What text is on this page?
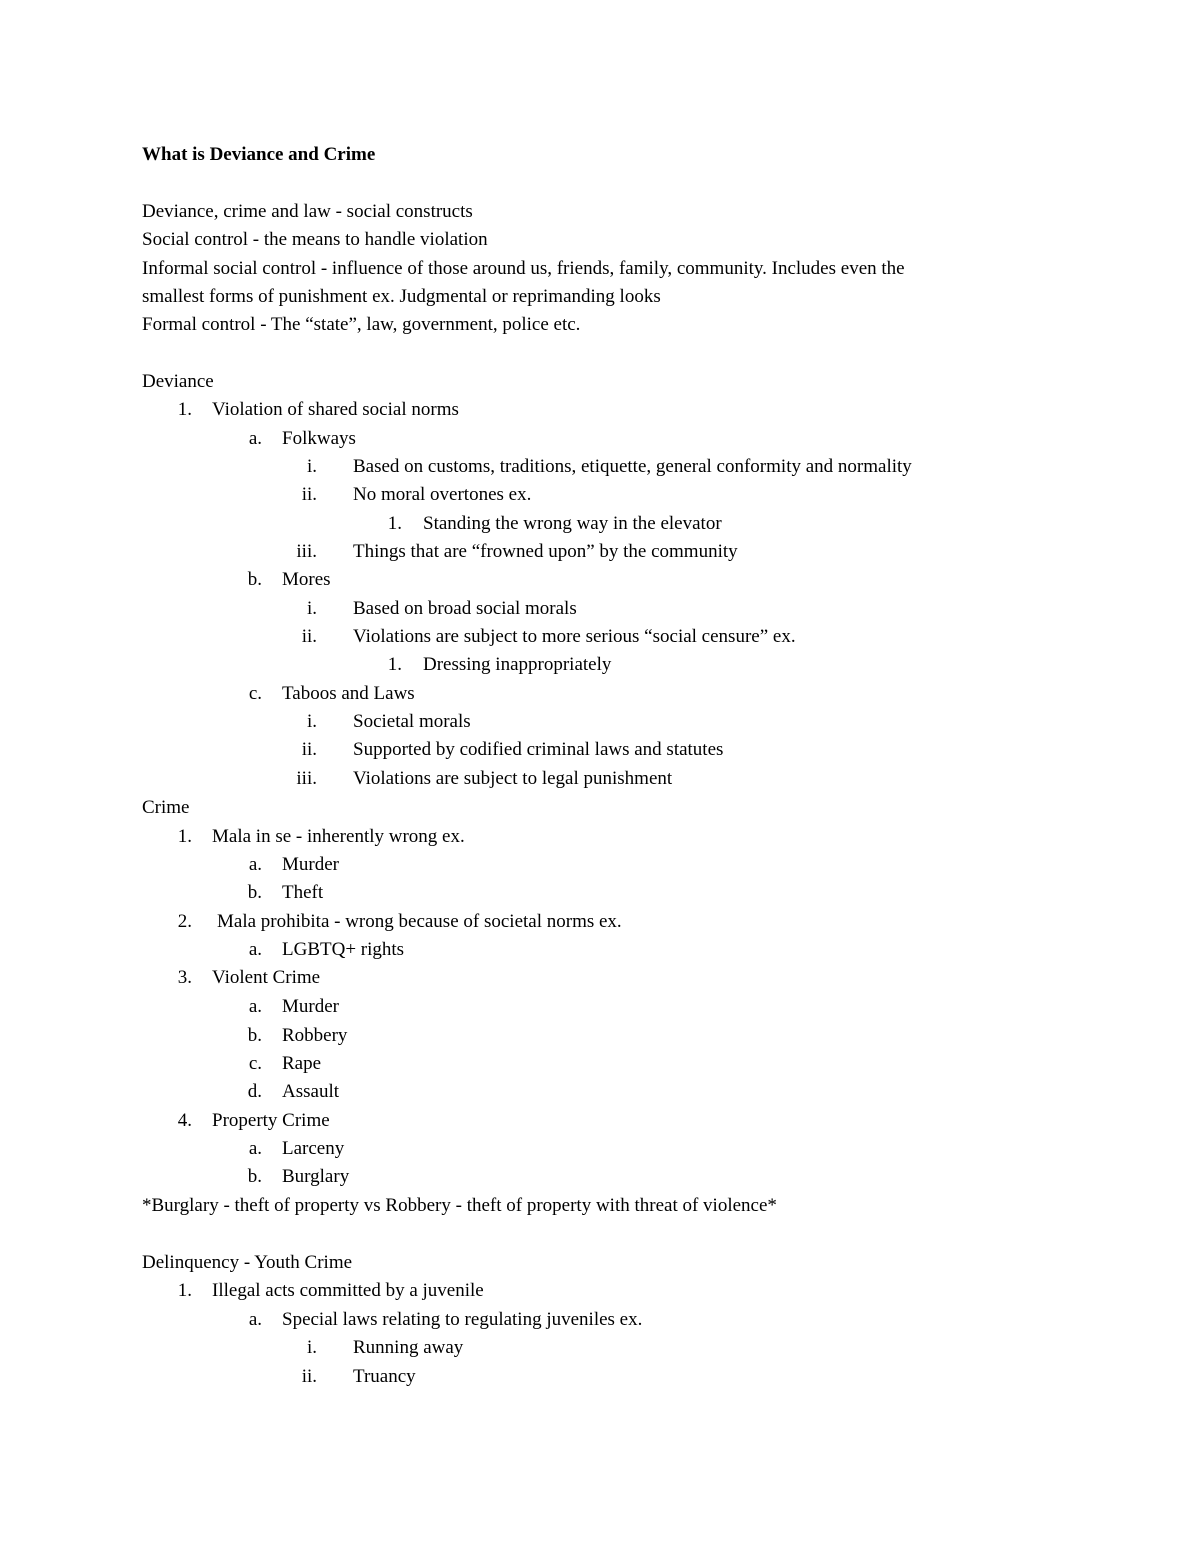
What is Deviance and Crime
Deviance, crime and law - social constructs
Social control - the means to handle violation
Informal social control - influence of those around us, friends, family, community. Includes even the
smallest forms of punishment ex. Judgmental or reprimanding looks
Formal control - The “state”, law, government, police etc.
Deviance
1. Violation of shared social norms
a. Folkways
i. Based on customs, traditions, etiquette, general conformity and normality
ii. No moral overtones ex.
1. Standing the wrong way in the elevator
iii. Things that are “frowned upon” by the community
b. Mores
i. Based on broad social morals
ii. Violations are subject to more serious “social censure” ex.
1. Dressing inappropriately
c. Taboos and Laws
i. Societal morals
ii. Supported by codified criminal laws and statutes
iii. Violations are subject to legal punishment
Crime
1. Mala in se - inherently wrong ex.
a. Murder
b. Theft
2. Mala prohibita - wrong because of societal norms ex.
a. LGBTQ+ rights
3. Violent Crime
a. Murder
b. Robbery
c. Rape
d. Assault
4. Property Crime
a. Larceny
b. Burglary
*Burglary - theft of property vs Robbery - theft of property with threat of violence*
Delinquency - Youth Crime
1. Illegal acts committed by a juvenile
a. Special laws relating to regulating juveniles ex.
i. Running away
ii. Truancy
